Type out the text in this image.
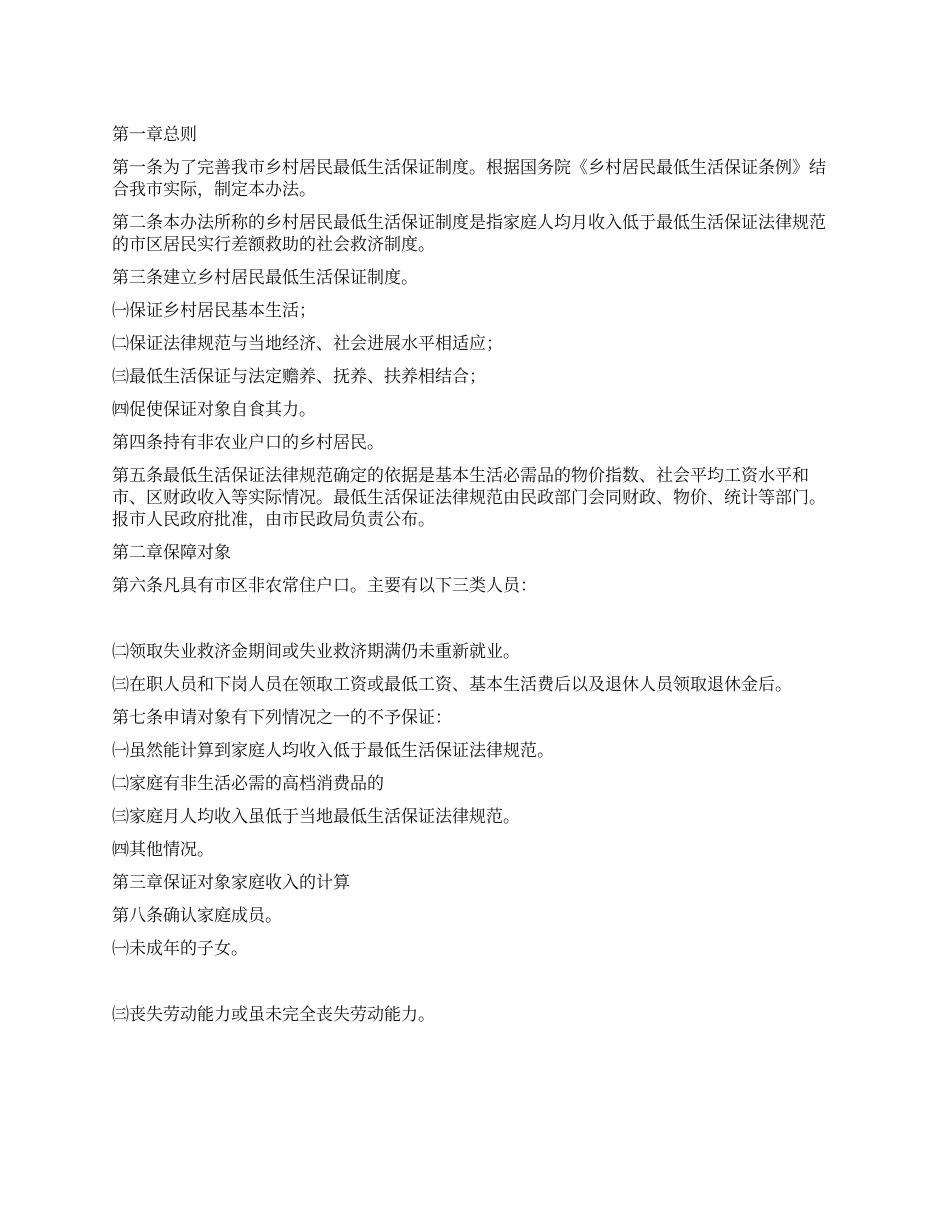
第一章总则

第一条为了完善我市乡村居民最低生活保证制度。根据国务院《乡村居民最低生活保证条例》结合我市实际，制定本办法。

第二条本办法所称的乡村居民最低生活保证制度是指家庭人均月收入低于最低生活保证法律规范的市区居民实行差额救助的社会救济制度。

第三条建立乡村居民最低生活保证制度。

㈠保证乡村居民基本生活；

㈡保证法律规范与当地经济、社会进展水平相适应；

㈢最低生活保证与法定赡养、抚养、扶养相结合；

㈣促使保证对象自食其力。

第四条持有非农业户口的乡村居民。

第五条最低生活保证法律规范确定的依据是基本生活必需品的物价指数、社会平均工资水平和市、区财政收入等实际情况。最低生活保证法律规范由民政部门会同财政、物价、统计等部门。报市人民政府批准，由市民政局负责公布。

第二章保障对象

第六条凡具有市区非农常住户口。主要有以下三类人员：

㈡领取失业救济金期间或失业救济期满仍未重新就业。

㈢在职人员和下岗人员在领取工资或最低工资、基本生活费后以及退休人员领取退休金后。

第七条申请对象有下列情况之一的不予保证：

㈠虽然能计算到家庭人均收入低于最低生活保证法律规范。

㈡家庭有非生活必需的高档消费品的

㈢家庭月人均收入虽低于当地最低生活保证法律规范。

㈣其他情况。

第三章保证对象家庭收入的计算

第八条确认家庭成员。

㈠未成年的子女。

㈢丧失劳动能力或虽未完全丧失劳动能力。
